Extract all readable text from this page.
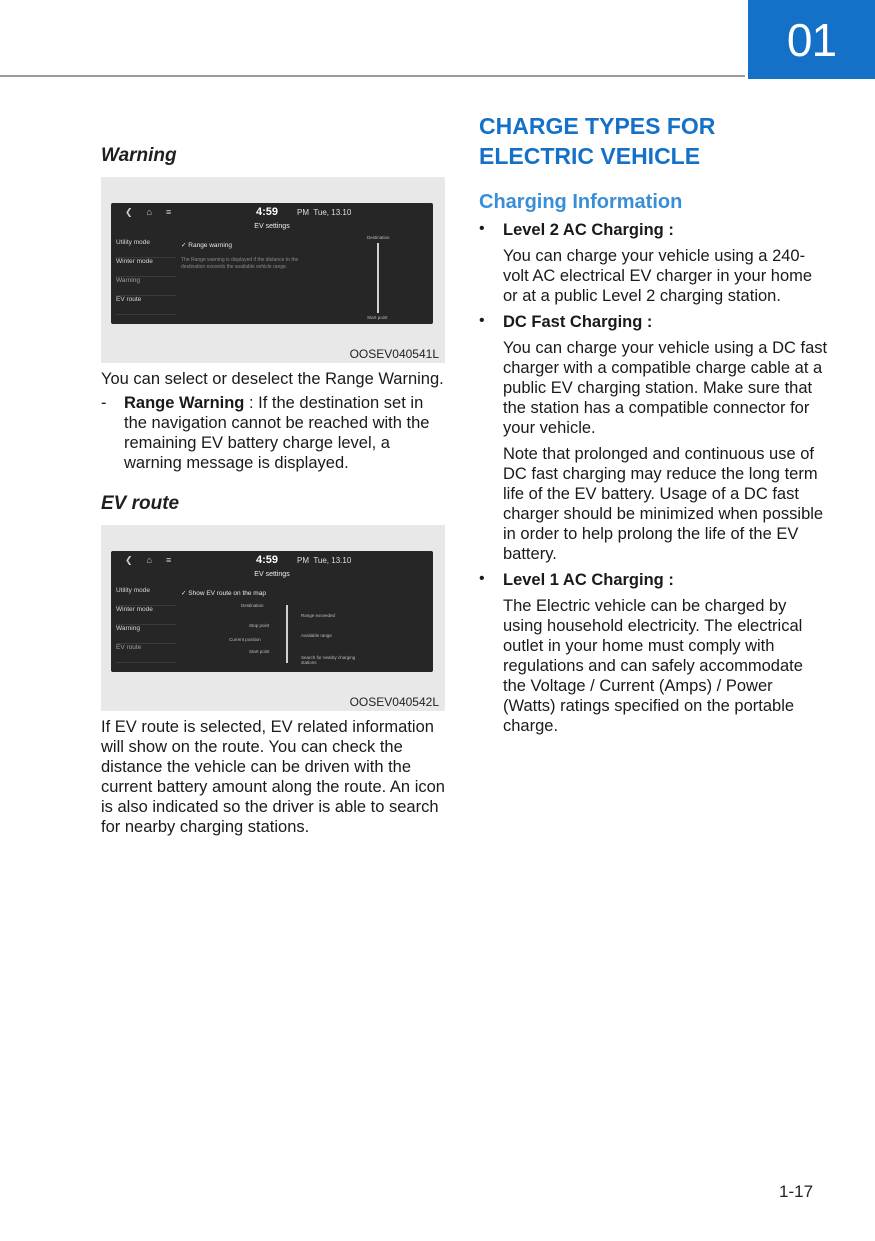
01
Warning
❮⌂≡	4:59 PM Tue, 13.10
EV settings
Utility mode
Winter mode
Warning
EV route
✓ Range warning
The Range warning is displayed if the distance to the destination exceeds the available vehicle range.
Destination
Start point
OOSEV040541L

You can select or deselect the Range Warning.

- Range Warning : If the destination set in the navigation cannot be reached with the remaining EV battery charge level, a warning message is displayed.
EV route
❮⌂≡	4:59 PM Tue, 13.10
EV settings
Utility mode
Winter mode
Warning
EV route
✓ Show EV route on the map
Destination
Stop point
Current position
Start point
Range exceeded
Available range
Search for nearby charging stations
OOSEV040542L

If EV route is selected, EV related information will show on the route. You can check the distance the vehicle can be driven with the current battery amount along the route. An icon is also indicated so the driver is able to search for nearby charging stations.

CHARGE TYPES FOR ELECTRIC VEHICLE
Charging Information
• Level 2 AC Charging :

You can charge your vehicle using a 240-volt AC electrical EV charger in your home or at a public Level 2 charging station.

• DC Fast Charging :

You can charge your vehicle using a DC fast charger with a compatible charge cable at a public EV charging station. Make sure that the station has a compatible connector for your vehicle.

Note that prolonged and continuous use of DC fast charging may reduce the long term life of the EV battery. Usage of a DC fast charger should be minimized when possible in order to help prolong the life of the EV battery.

• Level 1 AC Charging :

The Electric vehicle can be charged by using household electricity. The electrical outlet in your home must comply with regulations and can safely accommodate the Voltage / Current (Amps) / Power (Watts) ratings specified on the portable charge.

1-17
